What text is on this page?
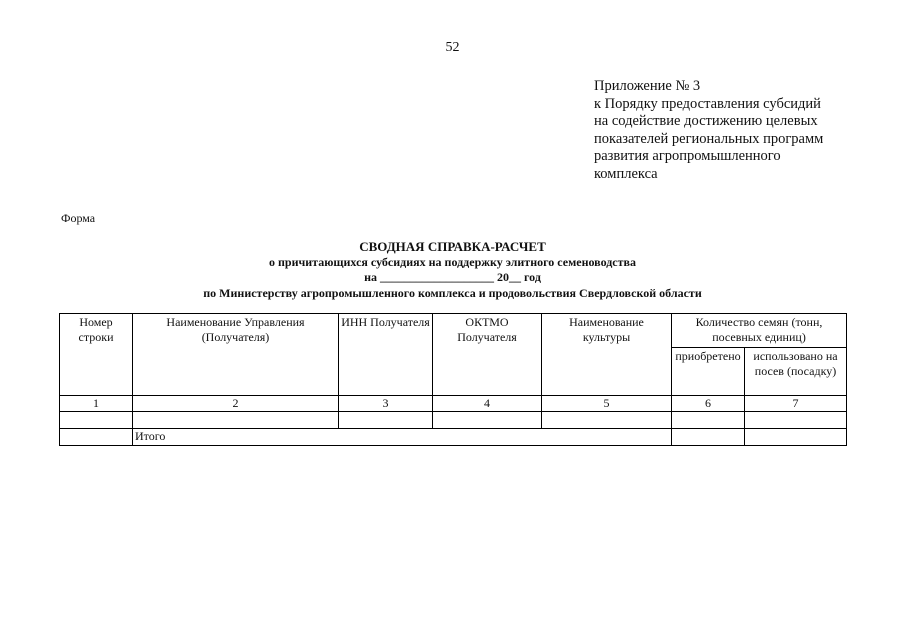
52
Приложение № 3
к Порядку предоставления субсидий
на содействие достижению целевых
показателей региональных программ
развития агропромышленного
комплекса
Форма
СВОДНАЯ СПРАВКА-РАСЧЕТ
о причитающихся субсидиях на поддержку элитного семеноводства
на ___________________ 20__ год
по Министерству агропромышленного комплекса и продовольствия Свердловской области
Номер строки	Наименование Управления (Получателя)	ИНН Получателя	ОКТМО Получателя	Наименование культуры	Количество семян (тонн, посевных единиц)	
					приобретено	использовано на посев (посадку)
1	2	3	4	5	6	7

	Итого					
